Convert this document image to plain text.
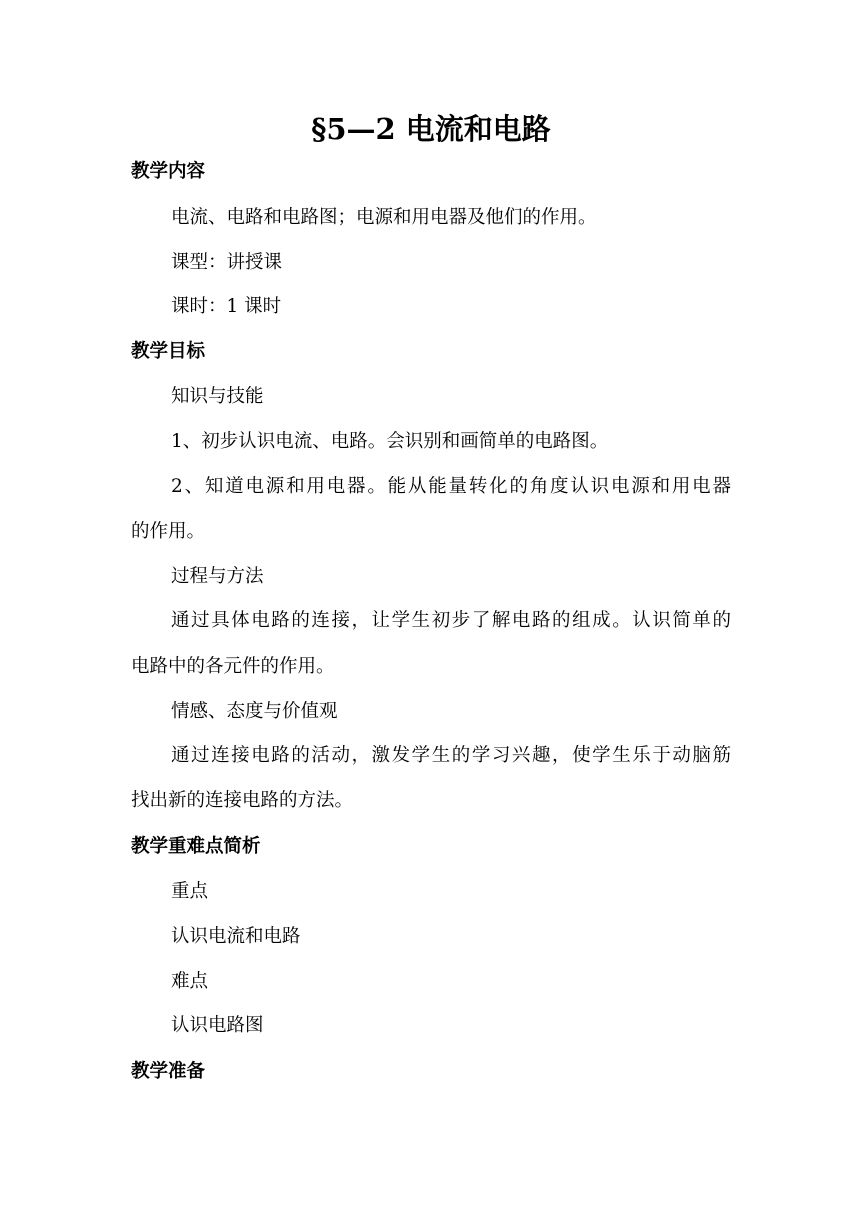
§5—2 电流和电路
教学内容
电流、电路和电路图；电源和用电器及他们的作用。
课型：讲授课
课时：1 课时
教学目标
知识与技能
1、初步认识电流、电路。会识别和画简单的电路图。
2、知道电源和用电器。能从能量转化的角度认识电源和用电器
的作用。
过程与方法
通过具体电路的连接，让学生初步了解电路的组成。认识简单的
电路中的各元件的作用。
情感、态度与价值观
通过连接电路的活动，激发学生的学习兴趣，使学生乐于动脑筋
找出新的连接电路的方法。
教学重难点简析
重点
认识电流和电路
难点
认识电路图
教学准备
